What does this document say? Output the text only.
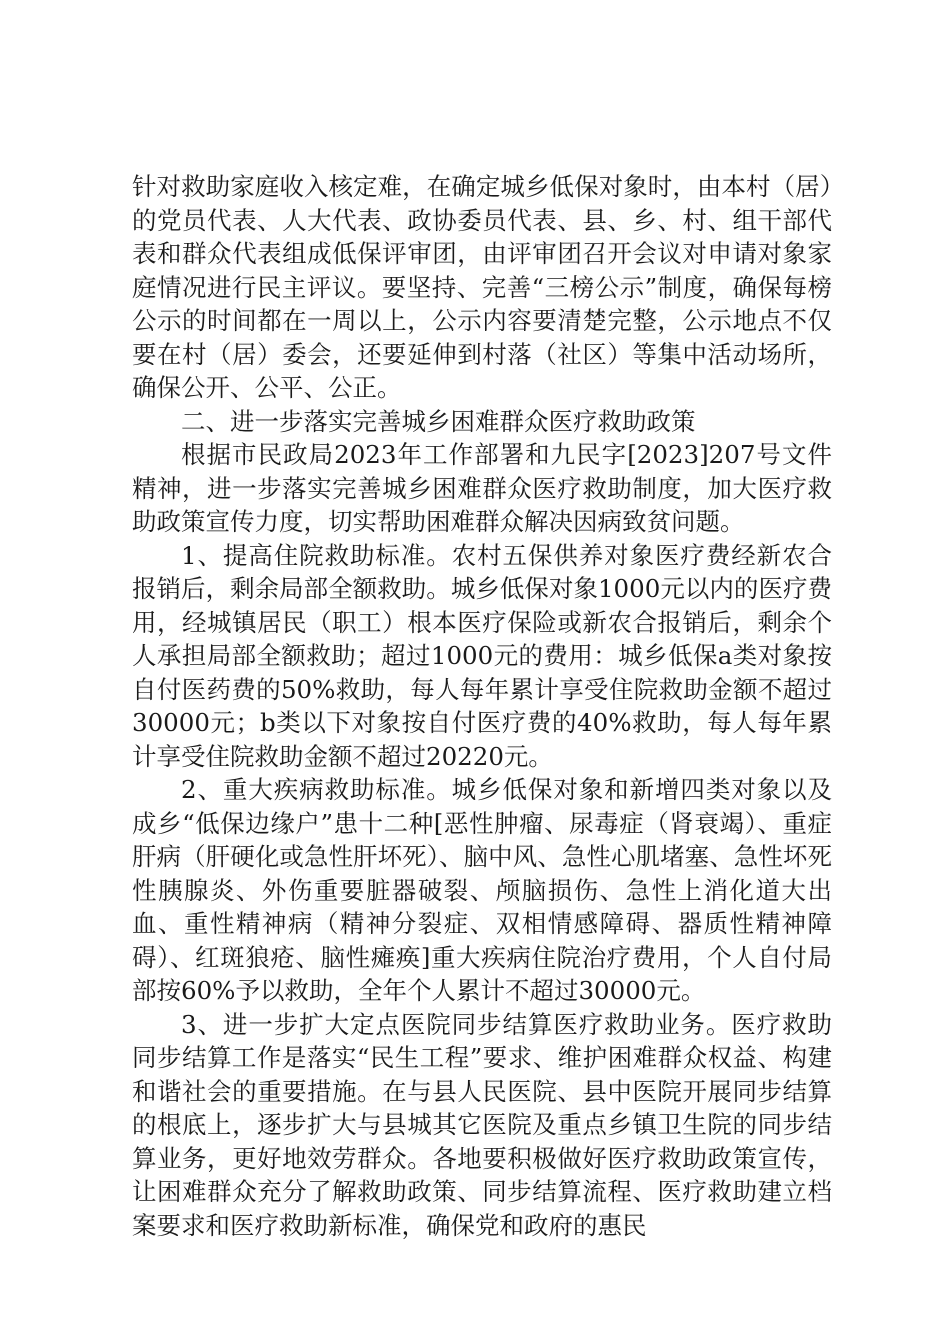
针对救助家庭收入核定难，在确定城乡低保对象时，由本村（居）的党员代表、人大代表、政协委员代表、县、乡、村、组干部代表和群众代表组成低保评审团，由评审团召开会议对申请对象家庭情况进行民主评议。要坚持、完善“三榜公示”制度，确保每榜公示的时间都在一周以上，公示内容要清楚完整，公示地点不仅要在村（居）委会，还要延伸到村落（社区）等集中活动场所，确保公开、公平、公正。

二、进一步落实完善城乡困难群众医疗救助政策

根据市民政局2023年工作部署和九民字[2023]207号文件精神，进一步落实完善城乡困难群众医疗救助制度，加大医疗救助政策宣传力度，切实帮助困难群众解决因病致贫问题。

1、提高住院救助标准。农村五保供养对象医疗费经新农合报销后，剩余局部全额救助。城乡低保对象1000元以内的医疗费用，经城镇居民（职工）根本医疗保险或新农合报销后，剩余个人承担局部全额救助；超过1000元的费用：城乡低保a类对象按自付医药费的50%救助，每人每年累计享受住院救助金额不超过30000元；b类以下对象按自付医疗费的40%救助，每人每年累计享受住院救助金额不超过20220元。

2、重大疾病救助标准。城乡低保对象和新增四类对象以及成乡“低保边缘户”患十二种[恶性肿瘤、尿毒症（肾衰竭）、重症肝病（肝硬化或急性肝坏死）、脑中风、急性心肌堵塞、急性坏死性胰腺炎、外伤重要脏器破裂、颅脑损伤、急性上消化道大出血、重性精神病（精神分裂症、双相情感障碍、器质性精神障碍）、红斑狼疮、脑性瘫痪]重大疾病住院治疗费用，个人自付局部按60%予以救助，全年个人累计不超过30000元。

3、进一步扩大定点医院同步结算医疗救助业务。医疗救助同步结算工作是落实“民生工程”要求、维护困难群众权益、构建和谐社会的重要措施。在与县人民医院、县中医院开展同步结算的根底上，逐步扩大与县城其它医院及重点乡镇卫生院的同步结算业务，更好地效劳群众。各地要积极做好医疗救助政策宣传，让困难群众充分了解救助政策、同步结算流程、医疗救助建立档案要求和医疗救助新标准，确保党和政府的惠民
